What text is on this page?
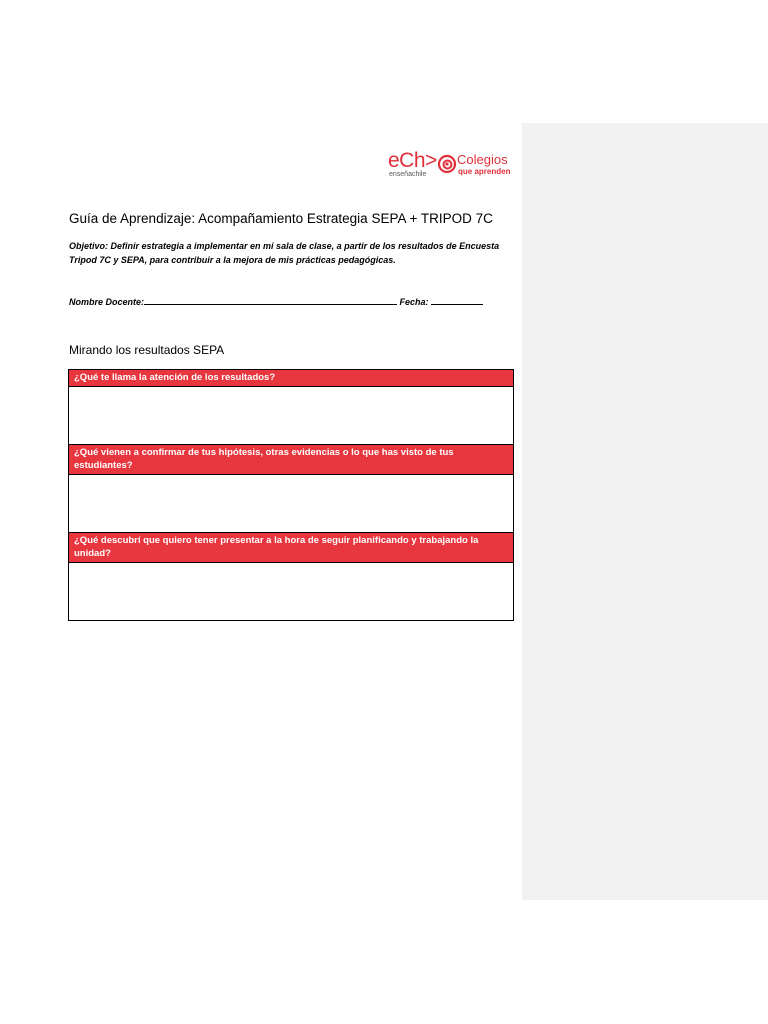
eCh>
enseñachile
Colegios
que aprenden
Guía de Aprendizaje: Acompañamiento Estrategia SEPA + TRIPOD 7C
Objetivo: Definir estrategia a implementar en mi sala de clase, a partir de los resultados de Encuesta Tripod 7C y SEPA, para contribuir a la mejora de mis prácticas pedagógicas.
Nombre Docente:	Fecha:
Mirando los resultados SEPA
¿Qué te llama la atención de los resultados?
¿Qué vienen a confirmar de tus hipótesis, otras evidencias o lo que has visto de tus estudiantes?
¿Qué descubrí que quiero tener presentar a la hora de seguir planificando y trabajando la unidad?
